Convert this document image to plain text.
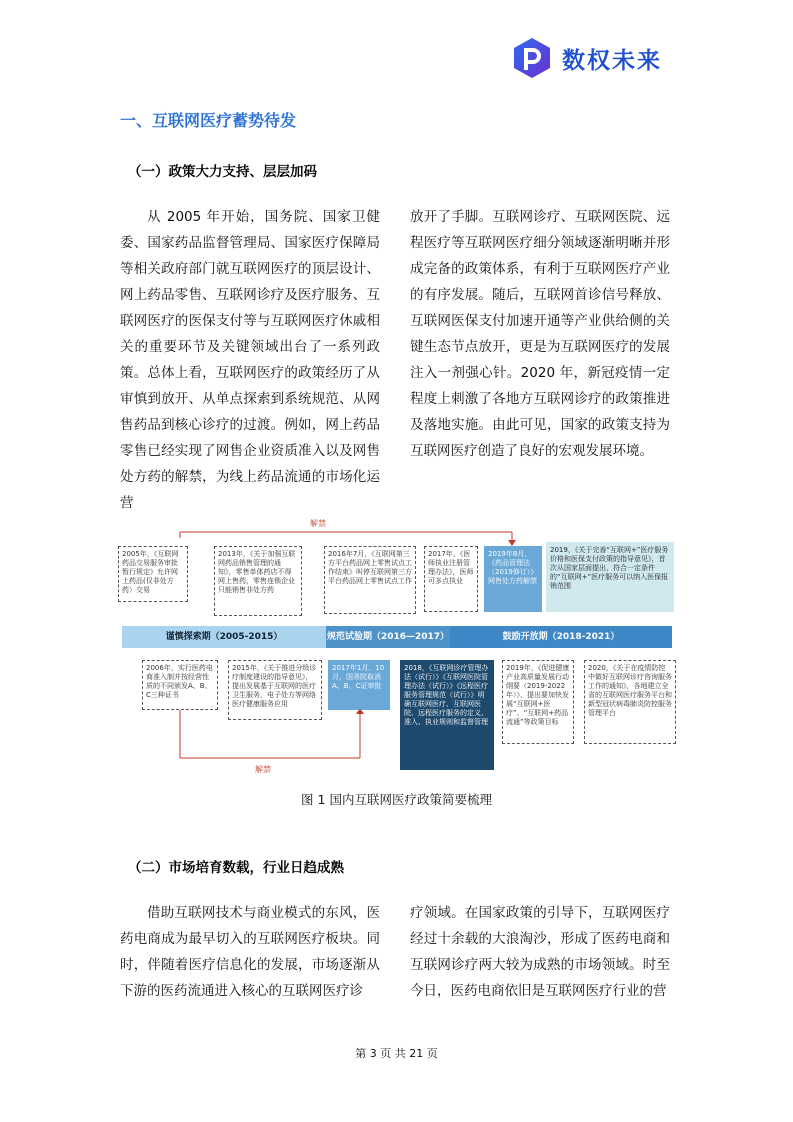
数权未来
一、互联网医疗蓄势待发
（一）政策大力支持、层层加码

从 2005 年开始，国务院、国家卫健委、国家药品监督管理局、国家医疗保障局等相关政府部门就互联网医疗的顶层设计、网上药品零售、互联网诊疗及医疗服务、互联网医疗的医保支付等与互联网医疗休戚相关的重要环节及关键领域出台了一系列政策。总体上看，互联网医疗的政策经历了从审慎到放开、从单点探索到系统规范、从网售药品到核心诊疗的过渡。例如，网上药品零售已经实现了网售企业资质准入以及网售处方药的解禁，为线上药品流通的市场化运营

放开了手脚。互联网诊疗、互联网医院、远程医疗等互联网医疗细分领域逐渐明晰并形成完备的政策体系，有利于互联网医疗产业的有序发展。随后，互联网首诊信号释放、互联网医保支付加速开通等产业供给侧的关键生态节点放开，更是为互联网医疗的发展注入一剂强心针。2020 年，新冠疫情一定程度上刺激了各地方互联网诊疗的政策推进及落地实施。由此可见，国家的政策支持为互联网医疗创造了良好的宏观发展环境。

解禁
解禁
2005年，《互联网药品交易服务审批暂行规定》允许网上药品(仅非处方药）交易
2013年，《关于加强互联网药品销售管理的通知》，零售单体药店不得网上售药，零售连锁企业只能销售非处方药
2016年7月，《互联网第三方平台药品网上零售试点工作结束》叫停互联网第三方平台药品网上零售试点工作
2017年，《医师执业注册管理办法》，医师可多点执业
2019年8月，《药品管理法（2019修订）》网售处方药解禁
2019，《关于完善“互联网+”医疗服务价格和医保支付政策的指导意见》，首次从国家层面提出，符合一定条件的“互联网+”医疗服务可以纳入医保报销范围
谨慎探索期（2005-2015）	规范试验期（2016—2017）	鼓励开放期（2018-2021）
2006年，实行医药电商准入制并按经营性质的不同颁发A、B、C三种证书
2015年，《关于推进分级诊疗制度建设的指导意见》，提出发展基于互联网的医疗卫生服务，电子处方等网络医疗健康服务应用
2017年1月、10月，国务院取消A、B、C证审批
2018，《互联网诊疗管理办法（试行）》《互联网医院管理办法（试行）》《远程医疗服务管理规范（试行）》明确互联网医疗、互联网医院、远程医疗服务的定义、准入、执业规则和监督管理
2019年，《促进健康产业高质量发展行动纲要（2019-2022年）》，提出要加快发展“互联网+医疗”、“互联网+药品流通”等政策目标
2020，《关于在疫情防控中做好互联网诊疗咨询服务工作的通知》，各地建立全省的互联网医疗服务平台和新型冠状病毒肺炎防控服务管理平台
图 1 国内互联网医疗政策简要梳理
（二）市场培育数载，行业日趋成熟

借助互联网技术与商业模式的东风，医药电商成为最早切入的互联网医疗板块。同时，伴随着医疗信息化的发展，市场逐渐从下游的医药流通进入核心的互联网医疗诊

疗领域。在国家政策的引导下，互联网医疗经过十余载的大浪淘沙，形成了医药电商和互联网诊疗两大较为成熟的市场领域。时至今日，医药电商依旧是互联网医疗行业的营

第 3 页 共 21 页
